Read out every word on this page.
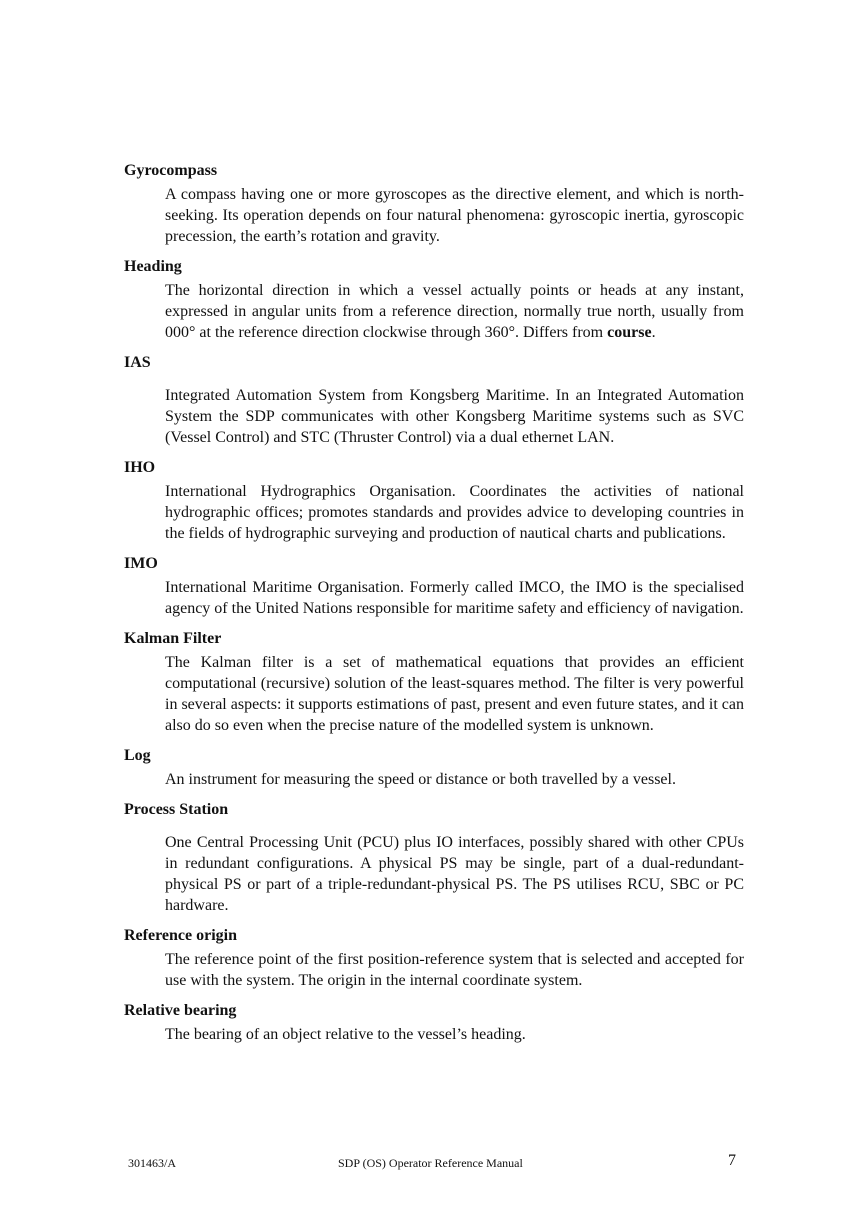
Gyrocompass
A compass having one or more gyroscopes as the directive element, and which is north-seeking. Its operation depends on four natural phenomena: gyroscopic inertia, gyroscopic precession, the earth’s rotation and gravity.
Heading
The horizontal direction in which a vessel actually points or heads at any instant, expressed in angular units from a reference direction, normally true north, usually from 000° at the reference direction clockwise through 360°. Differs from course.
IAS
Integrated Automation System from Kongsberg Maritime. In an Integrated Automation System the SDP communicates with other Kongsberg Maritime systems such as SVC (Vessel Control) and STC (Thruster Control) via a dual ethernet LAN.
IHO
International Hydrographics Organisation. Coordinates the activities of national hydrographic offices; promotes standards and provides advice to developing countries in the fields of hydrographic surveying and production of nautical charts and publications.
IMO
International Maritime Organisation. Formerly called IMCO, the IMO is the specialised agency of the United Nations responsible for maritime safety and efficiency of navigation.
Kalman Filter
The Kalman filter is a set of mathematical equations that provides an efficient computational (recursive) solution of the least-squares method. The filter is very powerful in several aspects: it supports estimations of past, present and even future states, and it can also do so even when the precise nature of the modelled system is unknown.
Log
An instrument for measuring the speed or distance or both travelled by a vessel.
Process Station
One Central Processing Unit (PCU) plus IO interfaces, possibly shared with other CPUs in redundant configurations. A physical PS may be single, part of a dual-redundant-physical PS or part of a triple-redundant-physical PS. The PS utilises RCU, SBC or PC hardware.
Reference origin
The reference point of the first position-reference system that is selected and accepted for use with the system. The origin in the internal coordinate system.
Relative bearing
The bearing of an object relative to the vessel’s heading.
301463/A	SDP (OS) Operator Reference Manual	7
